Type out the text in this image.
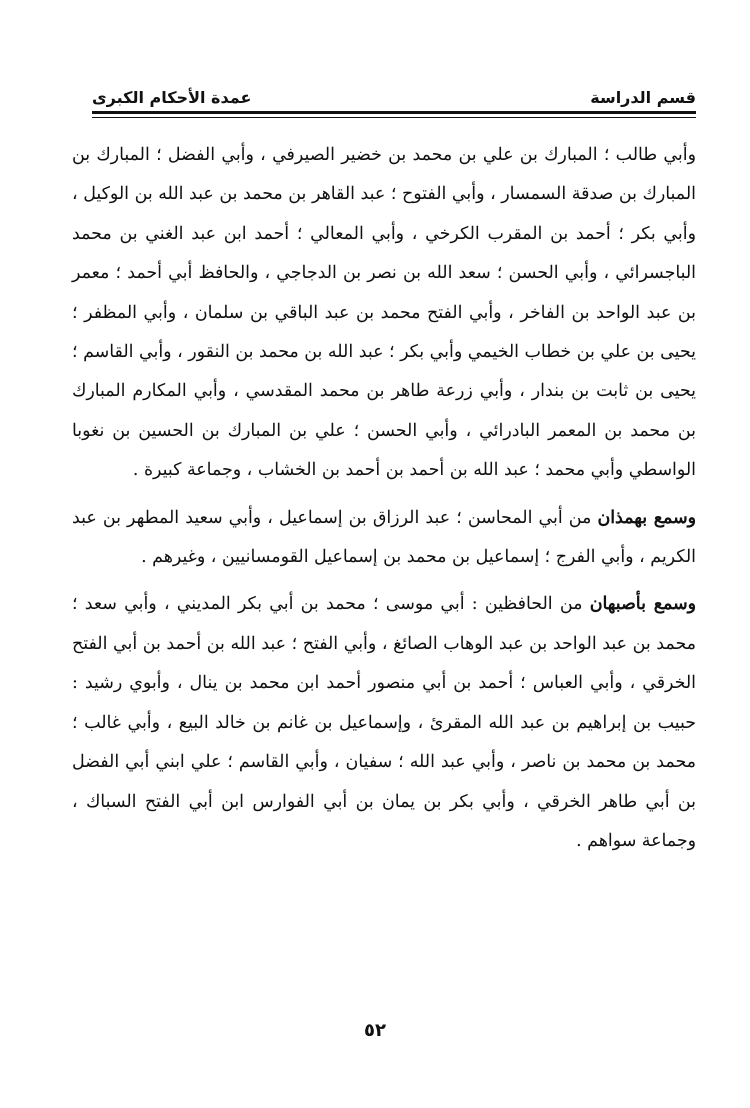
قسم الدراسة
عمدة الأحكام الكبرى

وأبي طالب ؛ المبارك بن علي بن محمد بن خضير الصيرفي ، وأبي الفضل ؛ المبارك بن المبارك بن صدقة السمسار ، وأبي الفتوح ؛ عبد القاهر بن محمد بن عبد الله بن الوكيل ، وأبي بكر ؛ أحمد بن المقرب الكرخي ، وأبي المعالي ؛ أحمد ابن عبد الغني بن محمد الباجسرائي ، وأبي الحسن ؛ سعد الله بن نصر بن الدجاجي ، والحافظ أبي أحمد ؛ معمر بن عبد الواحد بن الفاخر ، وأبي الفتح محمد بن عبد الباقي بن سلمان ، وأبي المظفر ؛ يحيى بن علي بن خطاب الخيمي وأبي بكر ؛ عبد الله بن محمد بن النقور ، وأبي القاسم ؛ يحيى بن ثابت بن بندار ، وأبي زرعة طاهر بن محمد المقدسي ، وأبي المكارم المبارك بن محمد بن المعمر البادرائي ، وأبي الحسن ؛ علي بن المبارك بن الحسين بن نغوبا الواسطي وأبي محمد ؛ عبد الله بن أحمد بن أحمد بن الخشاب ، وجماعة كبيرة .

وسمع بهمذان من أبي المحاسن ؛ عبد الرزاق بن إسماعيل ، وأبي سعيد المطهر بن عبد الكريم ، وأبي الفرج ؛ إسماعيل بن محمد بن إسماعيل القومسانيين ، وغيرهم .

وسمع بأصبهان من الحافظين : أبي موسى ؛ محمد بن أبي بكر المديني ، وأبي سعد ؛ محمد بن عبد الواحد بن عبد الوهاب الصائغ ، وأبي الفتح ؛ عبد الله بن أحمد بن أبي الفتح الخرقي ، وأبي العباس ؛ أحمد بن أبي منصور أحمد ابن محمد بن ينال ، وأبوي رشيد : حبيب بن إبراهيم بن عبد الله المقرئ ، وإسماعيل بن غانم بن خالد البيع ، وأبي غالب ؛ محمد بن محمد بن ناصر ، وأبي عبد الله ؛ سفيان ، وأبي القاسم ؛ علي ابني أبي الفضل بن أبي طاهر الخرقي ، وأبي بكر بن يمان بن أبي الفوارس ابن أبي الفتح السباك ، وجماعة سواهم .

٥٢
